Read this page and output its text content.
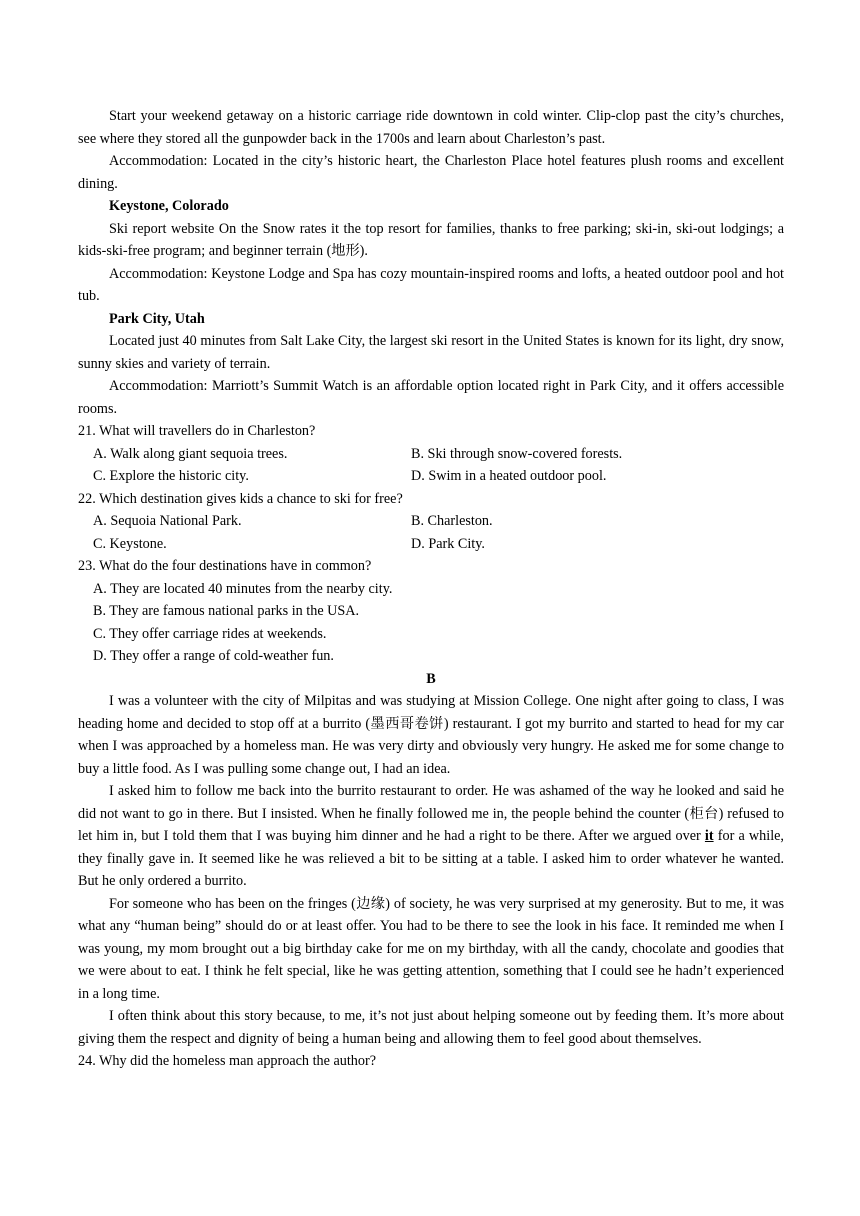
Start your weekend getaway on a historic carriage ride downtown in cold winter. Clip-clop past the city’s churches, see where they stored all the gunpowder back in the 1700s and learn about Charleston’s past.

Accommodation: Located in the city’s historic heart, the Charleston Place hotel features plush rooms and excellent dining.

Keystone, Colorado

Ski report website On the Snow rates it the top resort for families, thanks to free parking; ski-in, ski-out lodgings; a kids-ski-free program; and beginner terrain (地形).

Accommodation: Keystone Lodge and Spa has cozy mountain-inspired rooms and lofts, a heated outdoor pool and hot tub.

Park City, Utah

Located just 40 minutes from Salt Lake City, the largest ski resort in the United States is known for its light, dry snow, sunny skies and variety of terrain.

Accommodation: Marriott’s Summit Watch is an affordable option located right in Park City, and it offers accessible rooms.

21. What will travellers do in Charleston?

A. Walk along giant sequoia trees.	B. Ski through snow-covered forests.
C. Explore the historic city.	D. Swim in a heated outdoor pool.

22. Which destination gives kids a chance to ski for free?

A. Sequoia National Park.	B. Charleston.
C. Keystone.	D. Park City.

23. What do the four destinations have in common?

A. They are located 40 minutes from the nearby city.
B. They are famous national parks in the USA.
C. They offer carriage rides at weekends.
D. They offer a range of cold-weather fun.

B

I was a volunteer with the city of Milpitas and was studying at Mission College. One night after going to class, I was heading home and decided to stop off at a burrito (墨西哥卷饼) restaurant. I got my burrito and started to head for my car when I was approached by a homeless man. He was very dirty and obviously very hungry. He asked me for some change to buy a little food. As I was pulling some change out, I had an idea.

I asked him to follow me back into the burrito restaurant to order. He was ashamed of the way he looked and said he did not want to go in there. But I insisted. When he finally followed me in, the people behind the counter (柜台) refused to let him in, but I told them that I was buying him dinner and he had a right to be there. After we argued over it for a while, they finally gave in. It seemed like he was relieved a bit to be sitting at a table. I asked him to order whatever he wanted. But he only ordered a burrito.

For someone who has been on the fringes (边缘) of society, he was very surprised at my generosity. But to me, it was what any “human being” should do or at least offer. You had to be there to see the look in his face. It reminded me when I was young, my mom brought out a big birthday cake for me on my birthday, with all the candy, chocolate and goodies that we were about to eat. I think he felt special, like he was getting attention, something that I could see he hadn’t experienced in a long time.

I often think about this story because, to me, it’s not just about helping someone out by feeding them. It’s more about giving them the respect and dignity of being a human being and allowing them to feel good about themselves.

24. Why did the homeless man approach the author?
